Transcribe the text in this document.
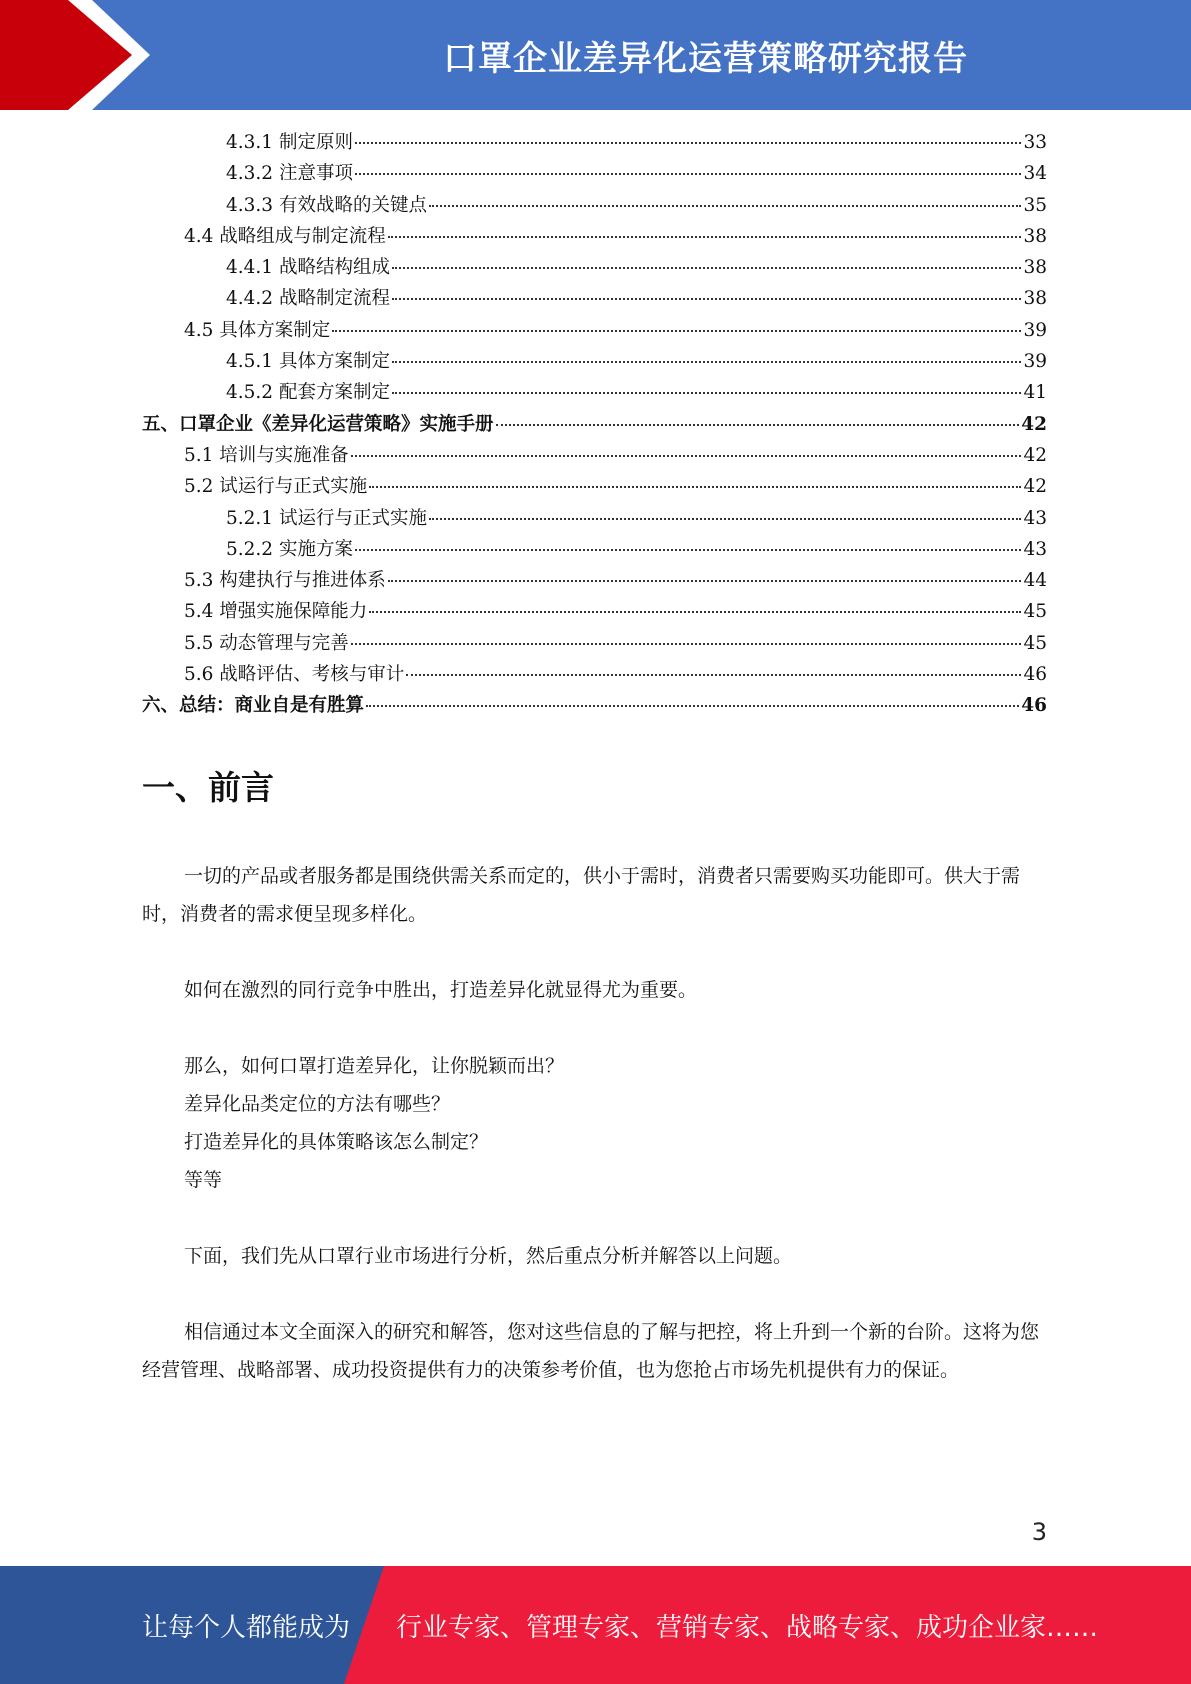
口罩企业差异化运营策略研究报告
4.3.1 制定原则	33
4.3.2 注意事项	34
4.3.3 有效战略的关键点	35
4.4 战略组成与制定流程	38
4.4.1 战略结构组成	38
4.4.2 战略制定流程	38
4.5 具体方案制定	39
4.5.1 具体方案制定	39
4.5.2 配套方案制定	41
五、口罩企业《差异化运营策略》实施手册	42
5.1 培训与实施准备	42
5.2 试运行与正式实施	42
5.2.1 试运行与正式实施	43
5.2.2 实施方案	43
5.3 构建执行与推进体系	44
5.4 增强实施保障能力	45
5.5 动态管理与完善	45
5.6 战略评估、考核与审计	46
六、总结：商业自是有胜算	46
一、前言

一切的产品或者服务都是围绕供需关系而定的，供小于需时，消费者只需要购买功能即可。供大于需时，消费者的需求便呈现多样化。

如何在激烈的同行竞争中胜出，打造差异化就显得尤为重要。

那么，如何口罩打造差异化，让你脱颖而出？

差异化品类定位的方法有哪些？

打造差异化的具体策略该怎么制定？

等等

下面，我们先从口罩行业市场进行分析，然后重点分析并解答以上问题。

相信通过本文全面深入的研究和解答，您对这些信息的了解与把控，将上升到一个新的台阶。这将为您经营管理、战略部署、成功投资提供有力的决策参考价值，也为您抢占市场先机提供有力的保证。

3
让每个人都能成为 行业专家、管理专家、营销专家、战略专家、成功企业家……
